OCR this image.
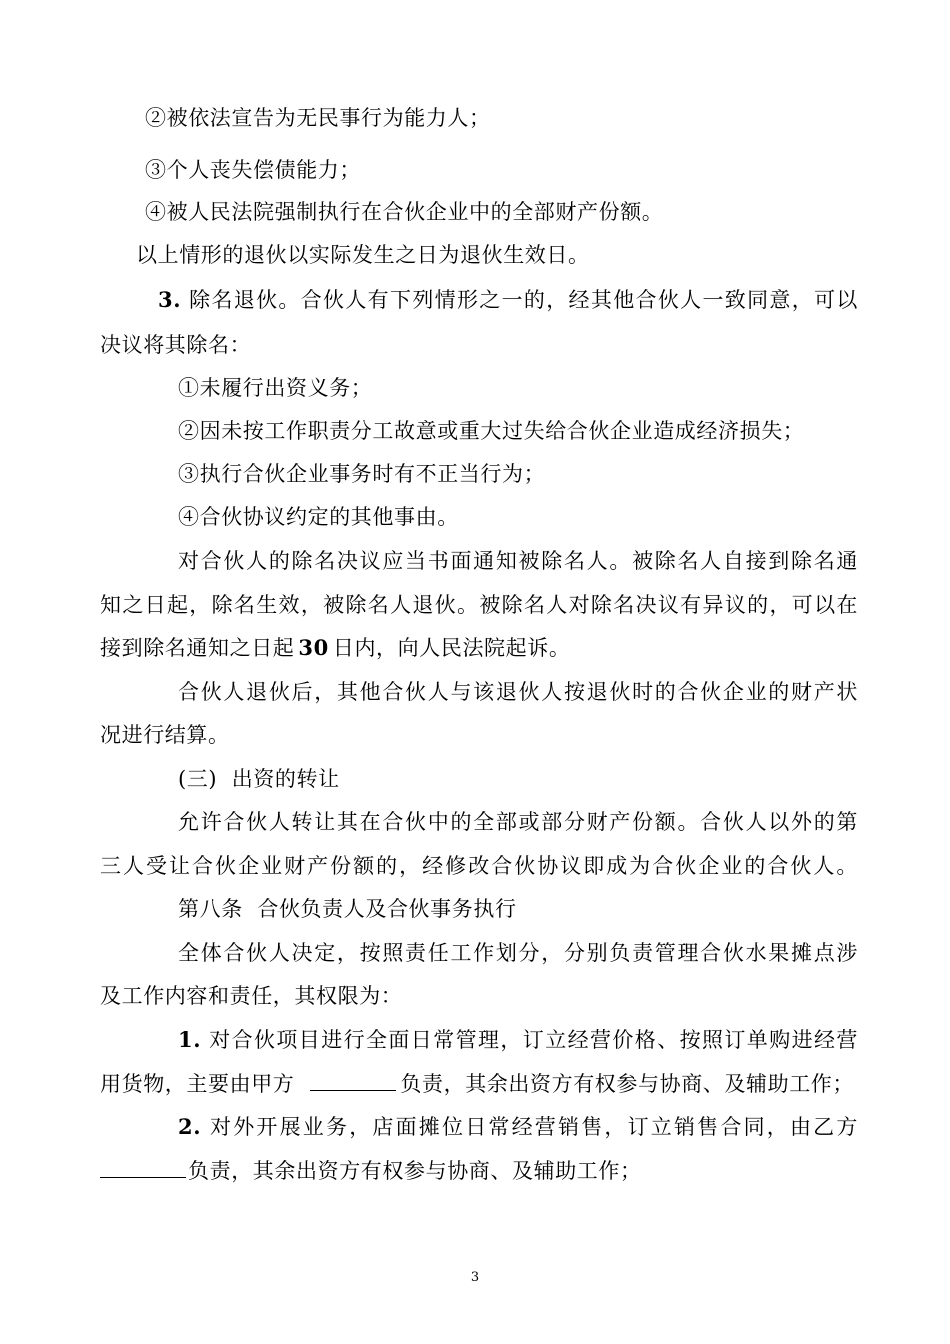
②被依法宣告为无民事行为能力人；
③个人丧失偿债能力；
④被人民法院强制执行在合伙企业中的全部财产份额。
以上情形的退伙以实际发生之日为退伙生效日。
3. 除名退伙。合伙人有下列情形之一的，经其他合伙人一致同意，可以
决议将其除名：
①未履行出资义务；
②因未按工作职责分工故意或重大过失给合伙企业造成经济损失；
③执行合伙企业事务时有不正当行为；
④合伙协议约定的其他事由。
对合伙人的除名决议应当书面通知被除名人。被除名人自接到除名通
知之日起，除名生效，被除名人退伙。被除名人对除名决议有异议的，可以在
接到除名通知之日起 30 日内，向人民法院起诉。
合伙人退伙后，其他合伙人与该退伙人按退伙时的合伙企业的财产状
况进行结算。
(三)  出资的转让
允许合伙人转让其在合伙中的全部或部分财产份额。合伙人以外的第
三人受让合伙企业财产份额的，经修改合伙协议即成为合伙企业的合伙人。
第八条  合伙负责人及合伙事务执行
全体合伙人决定，按照责任工作划分，分别负责管理合伙水果摊点涉
及工作内容和责任，其权限为：
1. 对合伙项目进行全面日常管理，订立经营价格、按照订单购进经营
用货物，主要由甲方	负责，其余出资方有权参与协商、及辅助工作；
2. 对外开展业务，店面摊位日常经营销售，订立销售合同，由乙方
负责，其余出资方有权参与协商、及辅助工作；
3
